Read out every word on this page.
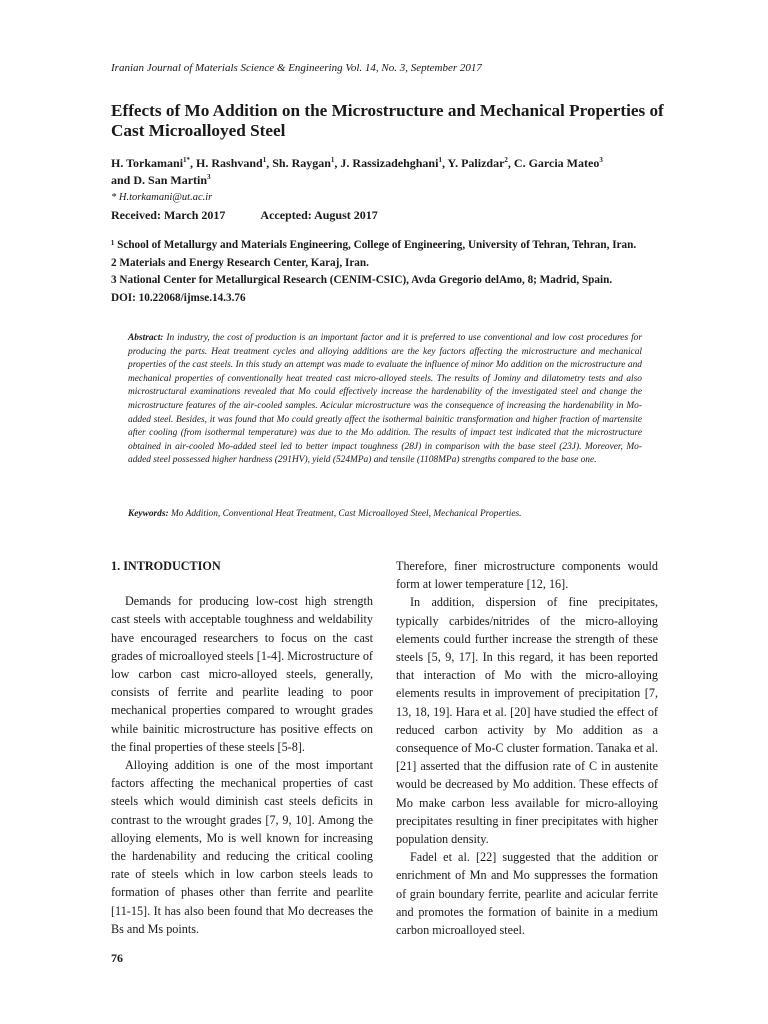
Iranian Journal of Materials Science & Engineering Vol. 14, No. 3, September 2017
Effects of Mo Addition on the Microstructure and Mechanical Properties of Cast Microalloyed Steel
H. Torkamani$^{1*}$, H. Rashvand$^1$, Sh. Raygan$^1$, J. Rassizadehghani$^1$, Y. Palizdar$^2$, C. Garcia Mateo$^3$
and D. San Martin$^3$
* H.torkamani@ut.ac.ir
Received: March 2017	Accepted: August 2017
¹ School of Metallurgy and Materials Engineering, College of Engineering, University of Tehran, Tehran, Iran.
2 Materials and Energy Research Center, Karaj, Iran.
3 National Center for Metallurgical Research (CENIM-CSIC), Avda Gregorio delAmo, 8; Madrid, Spain.
DOI: 10.22068/ijmse.14.3.76
Abstract: In industry, the cost of production is an important factor and it is preferred to use conventional and low cost procedures for producing the parts. Heat treatment cycles and alloying additions are the key factors affecting the microstructure and mechanical properties of the cast steels. In this study an attempt was made to evaluate the influence of minor Mo addition on the microstructure and mechanical properties of conventionally heat treated cast micro-alloyed steels. The results of Jominy and dilatometry tests and also microstructural examinations revealed that Mo could effectively increase the hardenability of the investigated steel and change the microstructure features of the air-cooled samples. Acicular microstructure was the consequence of increasing the hardenability in Mo-added steel. Besides, it was found that Mo could greatly affect the isothermal bainitic transformation and higher fraction of martensite after cooling (from isothermal temperature) was due to the Mo addition. The results of impact test indicated that the microstructure obtained in air-cooled Mo-added steel led to better impact toughness (28J) in comparison with the base steel (23J). Moreover, Mo-added steel possessed higher hardness (291HV), yield (524MPa) and tensile (1108MPa) strengths compared to the base one.
Keywords: Mo Addition, Conventional Heat Treatment, Cast Microalloyed Steel, Mechanical Properties.
1. INTRODUCTION

Demands for producing low-cost high strength cast steels with acceptable toughness and weldability have encouraged researchers to focus on the cast grades of microalloyed steels [1-4]. Microstructure of low carbon cast micro-alloyed steels, generally, consists of ferrite and pearlite leading to poor mechanical properties compared to wrought grades while bainitic microstructure has positive effects on the final properties of these steels [5-8].

Alloying addition is one of the most important factors affecting the mechanical properties of cast steels which would diminish cast steels deficits in contrast to the wrought grades [7, 9, 10]. Among the alloying elements, Mo is well known for increasing the hardenability and reducing the critical cooling rate of steels which in low carbon steels leads to formation of phases other than ferrite and pearlite [11-15]. It has also been found that Mo decreases the Bs and Ms points.

Therefore, finer microstructure components would form at lower temperature [12, 16].

In addition, dispersion of fine precipitates, typically carbides/nitrides of the micro-alloying elements could further increase the strength of these steels [5, 9, 17]. In this regard, it has been reported that interaction of Mo with the micro-alloying elements results in improvement of precipitation [7, 13, 18, 19]. Hara et al. [20] have studied the effect of reduced carbon activity by Mo addition as a consequence of Mo-C cluster formation. Tanaka et al. [21] asserted that the diffusion rate of C in austenite would be decreased by Mo addition. These effects of Mo make carbon less available for micro-alloying precipitates resulting in finer precipitates with higher population density.

Fadel et al. [22] suggested that the addition or enrichment of Mn and Mo suppresses the formation of grain boundary ferrite, pearlite and acicular ferrite and promotes the formation of bainite in a medium carbon microalloyed steel.

76
